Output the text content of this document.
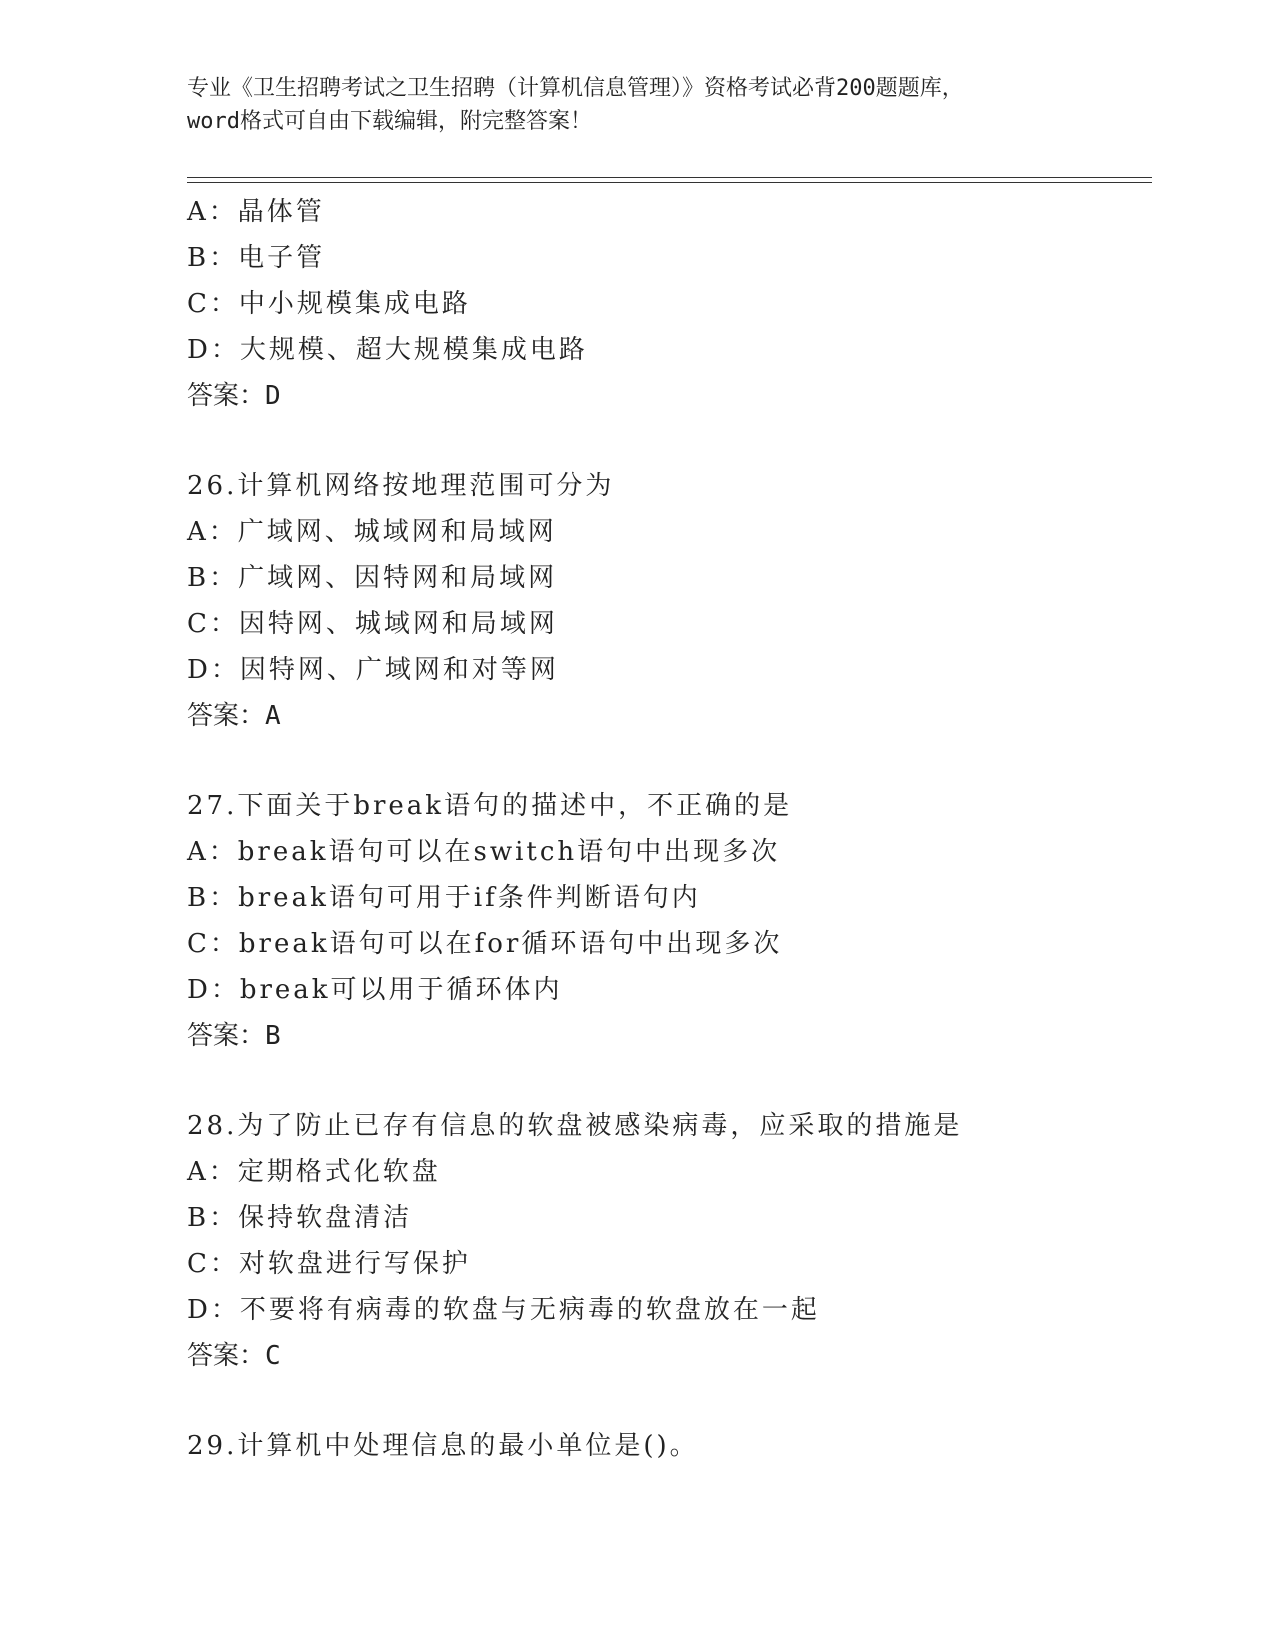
专业《卫生招聘考试之卫生招聘（计算机信息管理）》资格考试必背200题题库，
word格式可自由下载编辑，附完整答案！
A：晶体管
B：电子管
C：中小规模集成电路
D：大规模、超大规模集成电路
答案：D
26.计算机网络按地理范围可分为
A：广域网、城域网和局域网
B：广域网、因特网和局域网
C：因特网、城域网和局域网
D：因特网、广域网和对等网
答案：A
27.下面关于break语句的描述中，不正确的是
A：break语句可以在switch语句中出现多次
B：break语句可用于if条件判断语句内
C：break语句可以在for循环语句中出现多次
D：break可以用于循环体内
答案：B
28.为了防止已存有信息的软盘被感染病毒，应采取的措施是
A：定期格式化软盘
B：保持软盘清洁
C：对软盘进行写保护
D：不要将有病毒的软盘与无病毒的软盘放在一起
答案：C
29.计算机中处理信息的最小单位是()。
